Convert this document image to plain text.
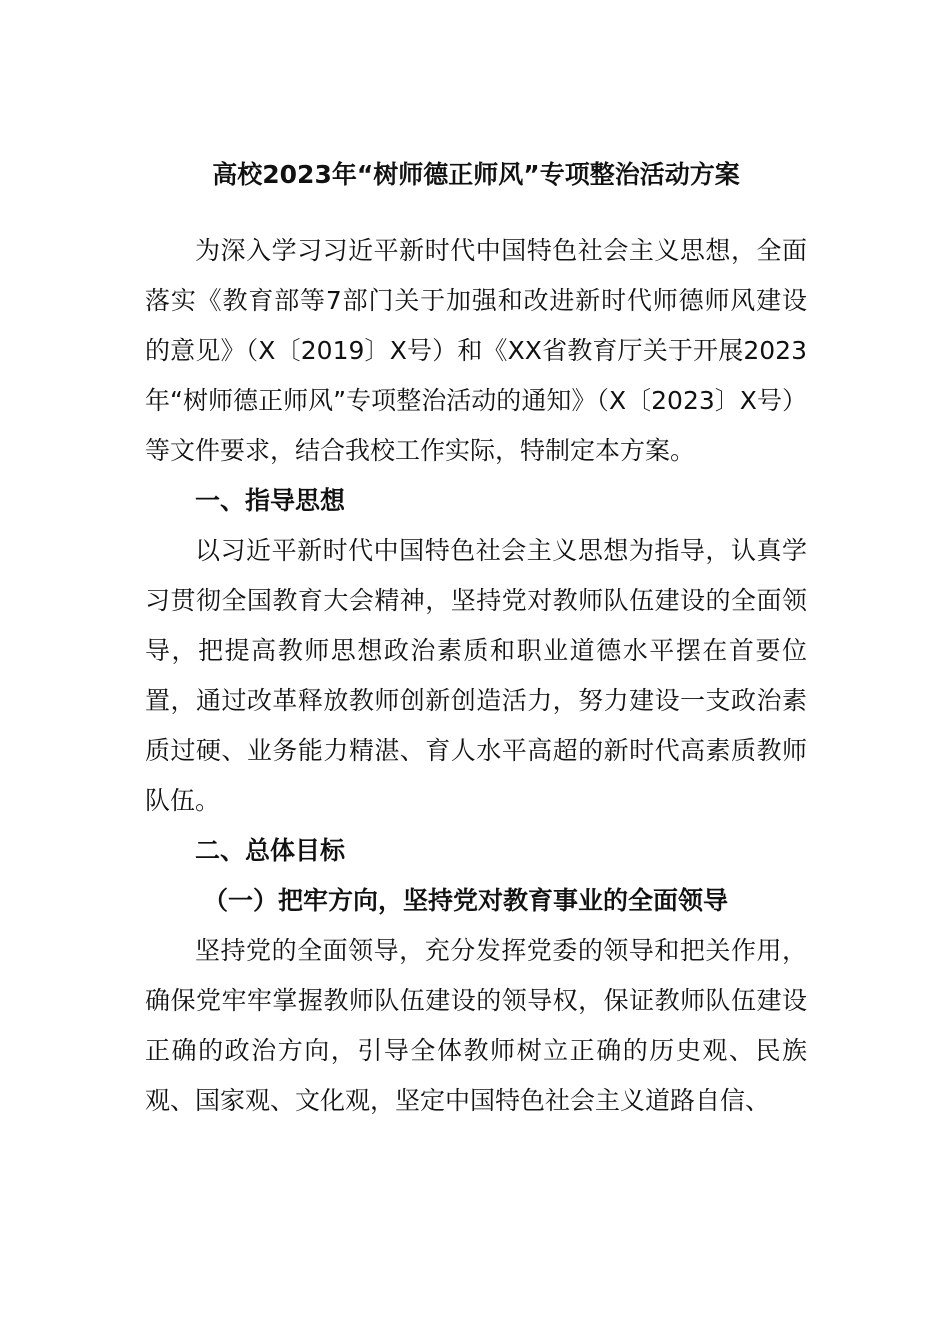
高校2023年“树师德正师风”专项整治活动方案

为深入学习习近平新时代中国特色社会主义思想，全面落实《教育部等7部门关于加强和改进新时代师德师风建设的意见》（X〔2019〕X号）和《XX省教育厅关于开展2023年“树师德正师风”专项整治活动的通知》（X〔2023〕X号）等文件要求，结合我校工作实际，特制定本方案。

一、指导思想

以习近平新时代中国特色社会主义思想为指导，认真学习贯彻全国教育大会精神，坚持党对教师队伍建设的全面领导，把提高教师思想政治素质和职业道德水平摆在首要位置，通过改革释放教师创新创造活力，努力建设一支政治素质过硬、业务能力精湛、育人水平高超的新时代高素质教师队伍。

二、总体目标

（一）把牢方向，坚持党对教育事业的全面领导

坚持党的全面领导，充分发挥党委的领导和把关作用，确保党牢牢掌握教师队伍建设的领导权，保证教师队伍建设正确的政治方向，引导全体教师树立正确的历史观、民族观、国家观、文化观，坚定中国特色社会主义道路自信、
